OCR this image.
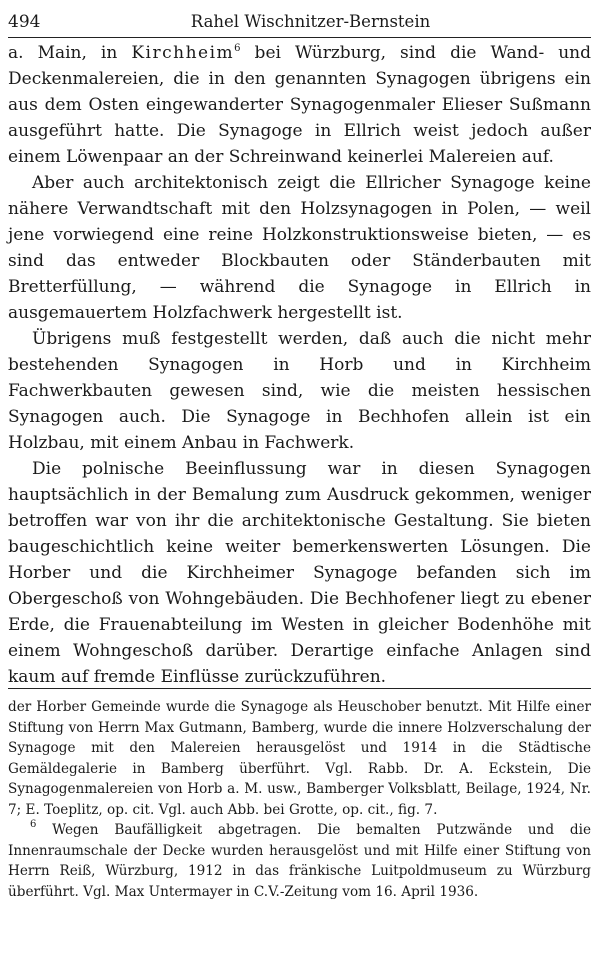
494	Rahel Wischnitzer-Bernstein

a. Main, in Kirchheim$^6$ bei Würzburg, sind die Wand- und Deckenmalereien, die in den genannten Synagogen übrigens ein aus dem Osten eingewanderter Synagogenmaler Elieser Sußmann ausgeführt hatte. Die Synagoge in Ellrich weist jedoch außer einem Löwenpaar an der Schreinwand keinerlei Malereien auf.

Aber auch architektonisch zeigt die Ellricher Synagoge keine nähere Verwandtschaft mit den Holzsynagogen in Polen, — weil jene vorwiegend eine reine Holzkonstruktionsweise bieten, — es sind das entweder Blockbauten oder Ständerbauten mit Bretterfüllung, — während die Synagoge in Ellrich in ausgemauertem Holzfachwerk hergestellt ist.

Übrigens muß festgestellt werden, daß auch die nicht mehr bestehenden Synagogen in Horb und in Kirchheim Fachwerkbauten gewesen sind, wie die meisten hessischen Synagogen auch. Die Synagoge in Bechhofen allein ist ein Holzbau, mit einem Anbau in Fachwerk.

Die polnische Beeinflussung war in diesen Synagogen hauptsächlich in der Bemalung zum Ausdruck gekommen, weniger betroffen war von ihr die architektonische Gestaltung. Sie bieten baugeschichtlich keine weiter bemerkenswerten Lösungen. Die Horber und die Kirchheimer Synagoge befanden sich im Obergeschoß von Wohngebäuden. Die Bechhofener liegt zu ebener Erde, die Frauenabteilung im Westen in gleicher Bodenhöhe mit einem Wohngeschoß darüber. Derartige einfache Anlagen sind kaum auf fremde Einflüsse zurückzuführen.

der Horber Gemeinde wurde die Synagoge als Heuschober benutzt. Mit Hilfe einer Stiftung von Herrn Max Gutmann, Bamberg, wurde die innere Holzverschalung der Synagoge mit den Malereien herausgelöst und 1914 in die Städtische Gemäldegalerie in Bamberg überführt. Vgl. Rabb. Dr. A. Eckstein, Die Synagogenmalereien von Horb a. M. usw., Bamberger Volksblatt, Beilage, 1924, Nr. 7; E. Toeplitz, op. cit. Vgl. auch Abb. bei Grotte, op. cit., fig. 7.

$^6$ Wegen Baufälligkeit abgetragen. Die bemalten Putzwände und die Innenraumschale der Decke wurden herausgelöst und mit Hilfe einer Stiftung von Herrn Reiß, Würzburg, 1912 in das fränkische Luitpoldmuseum zu Würzburg überführt. Vgl. Max Untermayer in C.V.-Zeitung vom 16. April 1936.
